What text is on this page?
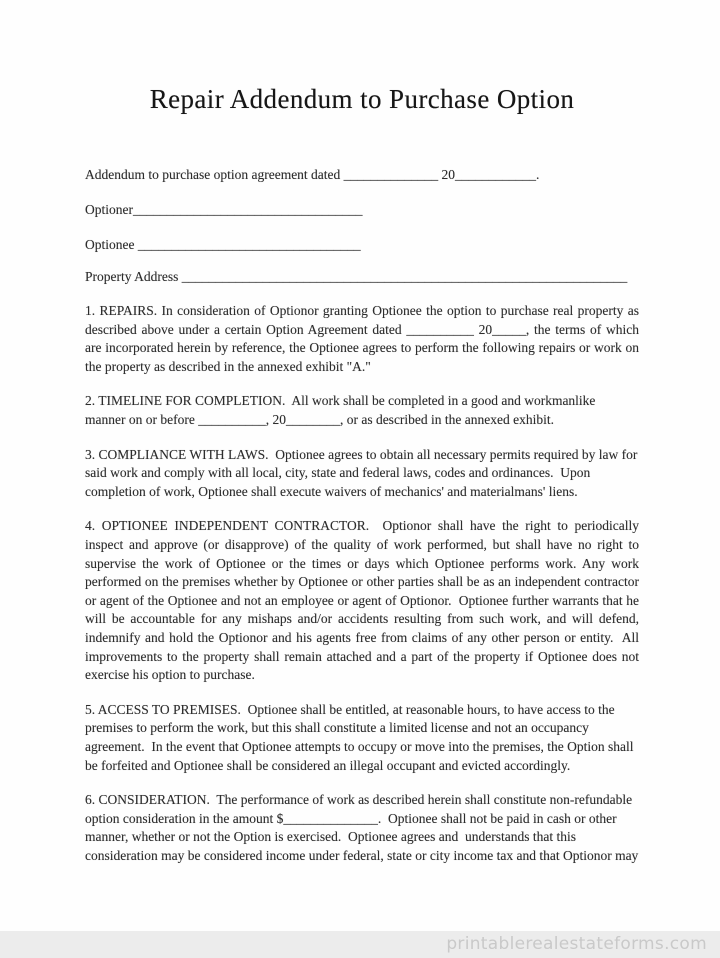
Repair Addendum to Purchase Option

Addendum to purchase option agreement dated ______________ 20____________.

Optioner__________________________________

Optionee _________________________________

Property Address __________________________________________________________________

1. REPAIRS. In consideration of Optionor granting Optionee the option to purchase real property as described above under a certain Option Agreement dated __________ 20_____, the terms of which are incorporated herein by reference, the Optionee agrees to perform the following repairs or work on the property as described in the annexed exhibit "A."

2. TIMELINE FOR COMPLETION.  All work shall be completed in a good and workmanlike manner on or before __________, 20________, or as described in the annexed exhibit.

3. COMPLIANCE WITH LAWS.  Optionee agrees to obtain all necessary permits required by law for said work and comply with all local, city, state and federal laws, codes and ordinances.  Upon completion of work, Optionee shall execute waivers of mechanics' and materialmans' liens.

4. OPTIONEE INDEPENDENT CONTRACTOR.  Optionor shall have the right to periodically inspect and approve (or disapprove) of the quality of work performed, but shall have no right to supervise the work of Optionee or the times or days which Optionee performs work. Any work performed on the premises whether by Optionee or other parties shall be as an independent contractor or agent of the Optionee and not an employee or agent of Optionor.  Optionee further warrants that he will be accountable for any mishaps and/or accidents resulting from such work, and will defend, indemnify and hold the Optionor and his agents free from claims of any other person or entity.  All improvements to the property shall remain attached and a part of the property if Optionee does not exercise his option to purchase.

5. ACCESS TO PREMISES.  Optionee shall be entitled, at reasonable hours, to have access to the premises to perform the work, but this shall constitute a limited license and not an occupancy agreement.  In the event that Optionee attempts to occupy or move into the premises, the Option shall be forfeited and Optionee shall be considered an illegal occupant and evicted accordingly.

6. CONSIDERATION.  The performance of work as described herein shall constitute non-refundable option consideration in the amount $______________.  Optionee shall not be paid in cash or other manner, whether or not the Option is exercised.  Optionee agrees and  understands that this consideration may be considered income under federal, state or city income tax and that Optionor may

printablerealestateforms.com
